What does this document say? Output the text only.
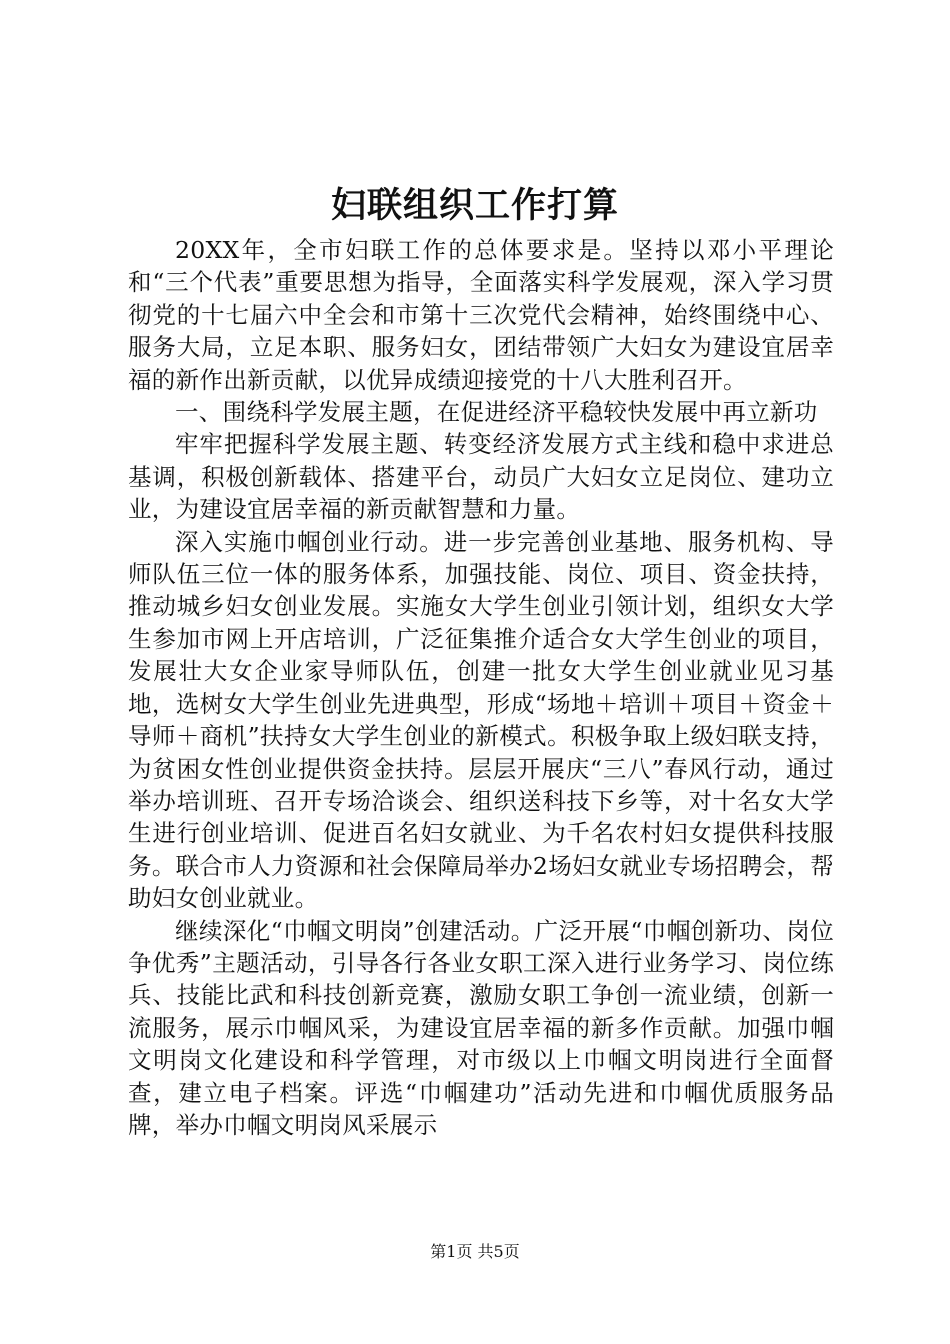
妇联组织工作打算

20XX年，全市妇联工作的总体要求是。坚持以邓小平理论和“三个代表”重要思想为指导，全面落实科学发展观，深入学习贯彻党的十七届六中全会和市第十三次党代会精神，始终围绕中心、服务大局，立足本职、服务妇女，团结带领广大妇女为建设宜居幸福的新作出新贡献，以优异成绩迎接党的十八大胜利召开。

一、围绕科学发展主题，在促进经济平稳较快发展中再立新功

牢牢把握科学发展主题、转变经济发展方式主线和稳中求进总基调，积极创新载体、搭建平台，动员广大妇女立足岗位、建功立业，为建设宜居幸福的新贡献智慧和力量。

深入实施巾帼创业行动。进一步完善创业基地、服务机构、导师队伍三位一体的服务体系，加强技能、岗位、项目、资金扶持，推动城乡妇女创业发展。实施女大学生创业引领计划，组织女大学生参加市网上开店培训，广泛征集推介适合女大学生创业的项目，发展壮大女企业家导师队伍，创建一批女大学生创业就业见习基地，选树女大学生创业先进典型，形成“场地＋培训＋项目＋资金＋导师＋商机”扶持女大学生创业的新模式。积极争取上级妇联支持，为贫困女性创业提供资金扶持。层层开展庆“三八”春风行动，通过举办培训班、召开专场洽谈会、组织送科技下乡等，对十名女大学生进行创业培训、促进百名妇女就业、为千名农村妇女提供科技服务。联合市人力资源和社会保障局举办2场妇女就业专场招聘会，帮助妇女创业就业。

继续深化“巾帼文明岗”创建活动。广泛开展“巾帼创新功、岗位争优秀”主题活动，引导各行各业女职工深入进行业务学习、岗位练兵、技能比武和科技创新竞赛，激励女职工争创一流业绩，创新一流服务，展示巾帼风采，为建设宜居幸福的新多作贡献。加强巾帼文明岗文化建设和科学管理，对市级以上巾帼文明岗进行全面督查，建立电子档案。评选“巾帼建功”活动先进和巾帼优质服务品牌，举办巾帼文明岗风采展示

第1页 共5页
